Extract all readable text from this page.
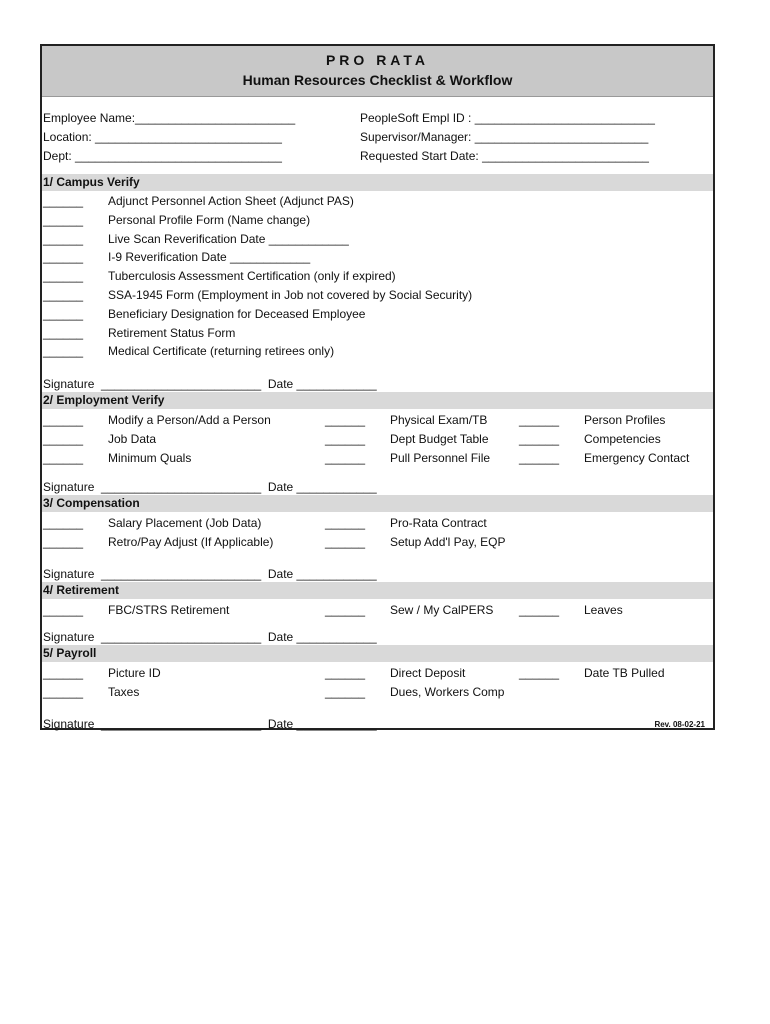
PRO RATA
Human Resources Checklist & Workflow
Employee Name:________________________
Location: ____________________________
Dept: _______________________________
PeopleSoft Empl ID : ___________________________
Supervisor/Manager: __________________________
Requested Start Date: _________________________
1/ Campus Verify
Signature  ________________________  Date ____________
2/ Employment Verify
Signature  ________________________  Date ____________
3/ Compensation
Signature  ________________________  Date ____________
4/ Retirement
Signature  ________________________  Date ____________
5/ Payroll
Signature  ________________________  Date ____________	Rev. 08-02-21
______ Adjunct Personnel Action Sheet (Adjunct PAS)
______ Personal Profile Form (Name change)
______ Live Scan Reverification Date ____________
______ I-9 Reverification Date ____________
______ Tuberculosis Assessment Certification (only if expired)
______ SSA-1945 Form (Employment in Job not covered by Social Security)
______ Beneficiary Designation for Deceased Employee
______ Retirement Status Form
______ Medical Certificate (returning retirees only)
______ Modify a Person/Add a Person
______ Job Data
______ Minimum Quals
______ Physical Exam/TB
______ Dept Budget Table
______ Pull Personnel File
______ Person Profiles
______ Competencies
______ Emergency Contact
______ Salary Placement (Job Data)
______ Retro/Pay Adjust (If Applicable)
______ Pro-Rata Contract
______ Setup Add'l Pay, EQP
______ FBC/STRS Retirement	______ Sew / My CalPERS ______ Leaves
______ Picture ID
______ Taxes
______ Direct Deposit
______ Dues, Workers Comp
______ Date TB Pulled
